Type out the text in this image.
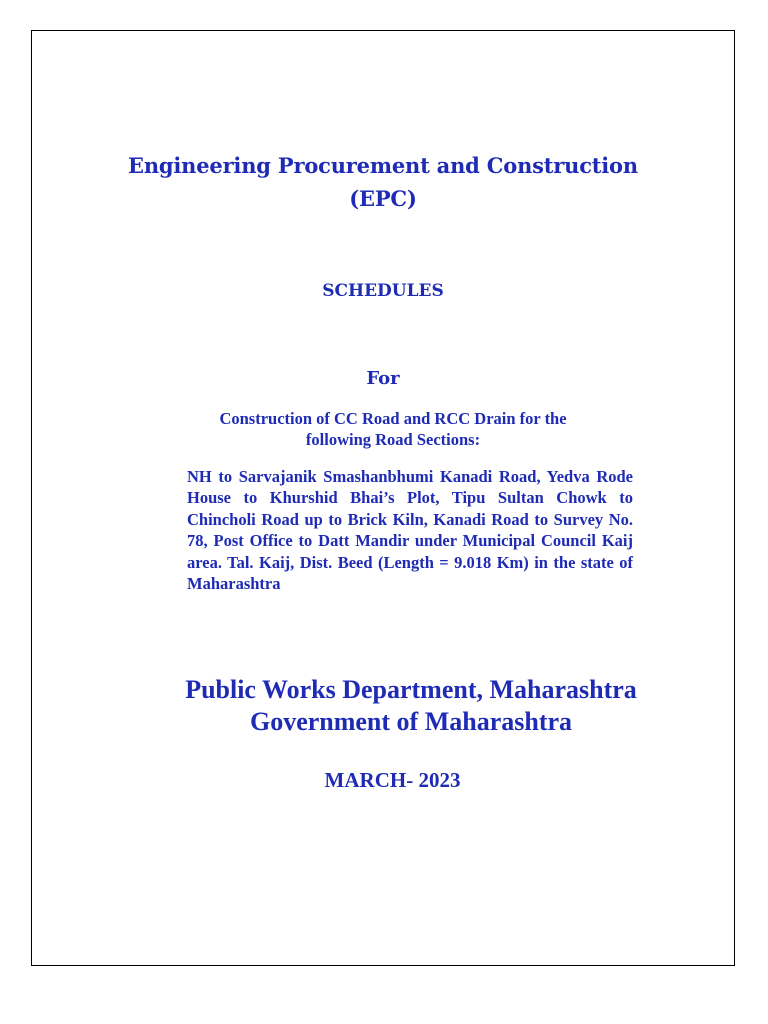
Engineering Procurement and Construction
(EPC)
SCHEDULES
For
Construction of CC Road and RCC Drain for the
following Road Sections:
NH to Sarvajanik Smashanbhumi Kanadi Road, Yedva Rode House to Khurshid Bhai’s Plot, Tipu Sultan Chowk to Chincholi Road up to Brick Kiln, Kanadi Road to Survey No. 78, Post Office to Datt Mandir under Municipal Council Kaij area. Tal. Kaij, Dist. Beed (Length = 9.018 Km) in the state of Maharashtra
Public Works Department, Maharashtra
Government of Maharashtra
MARCH- 2023
